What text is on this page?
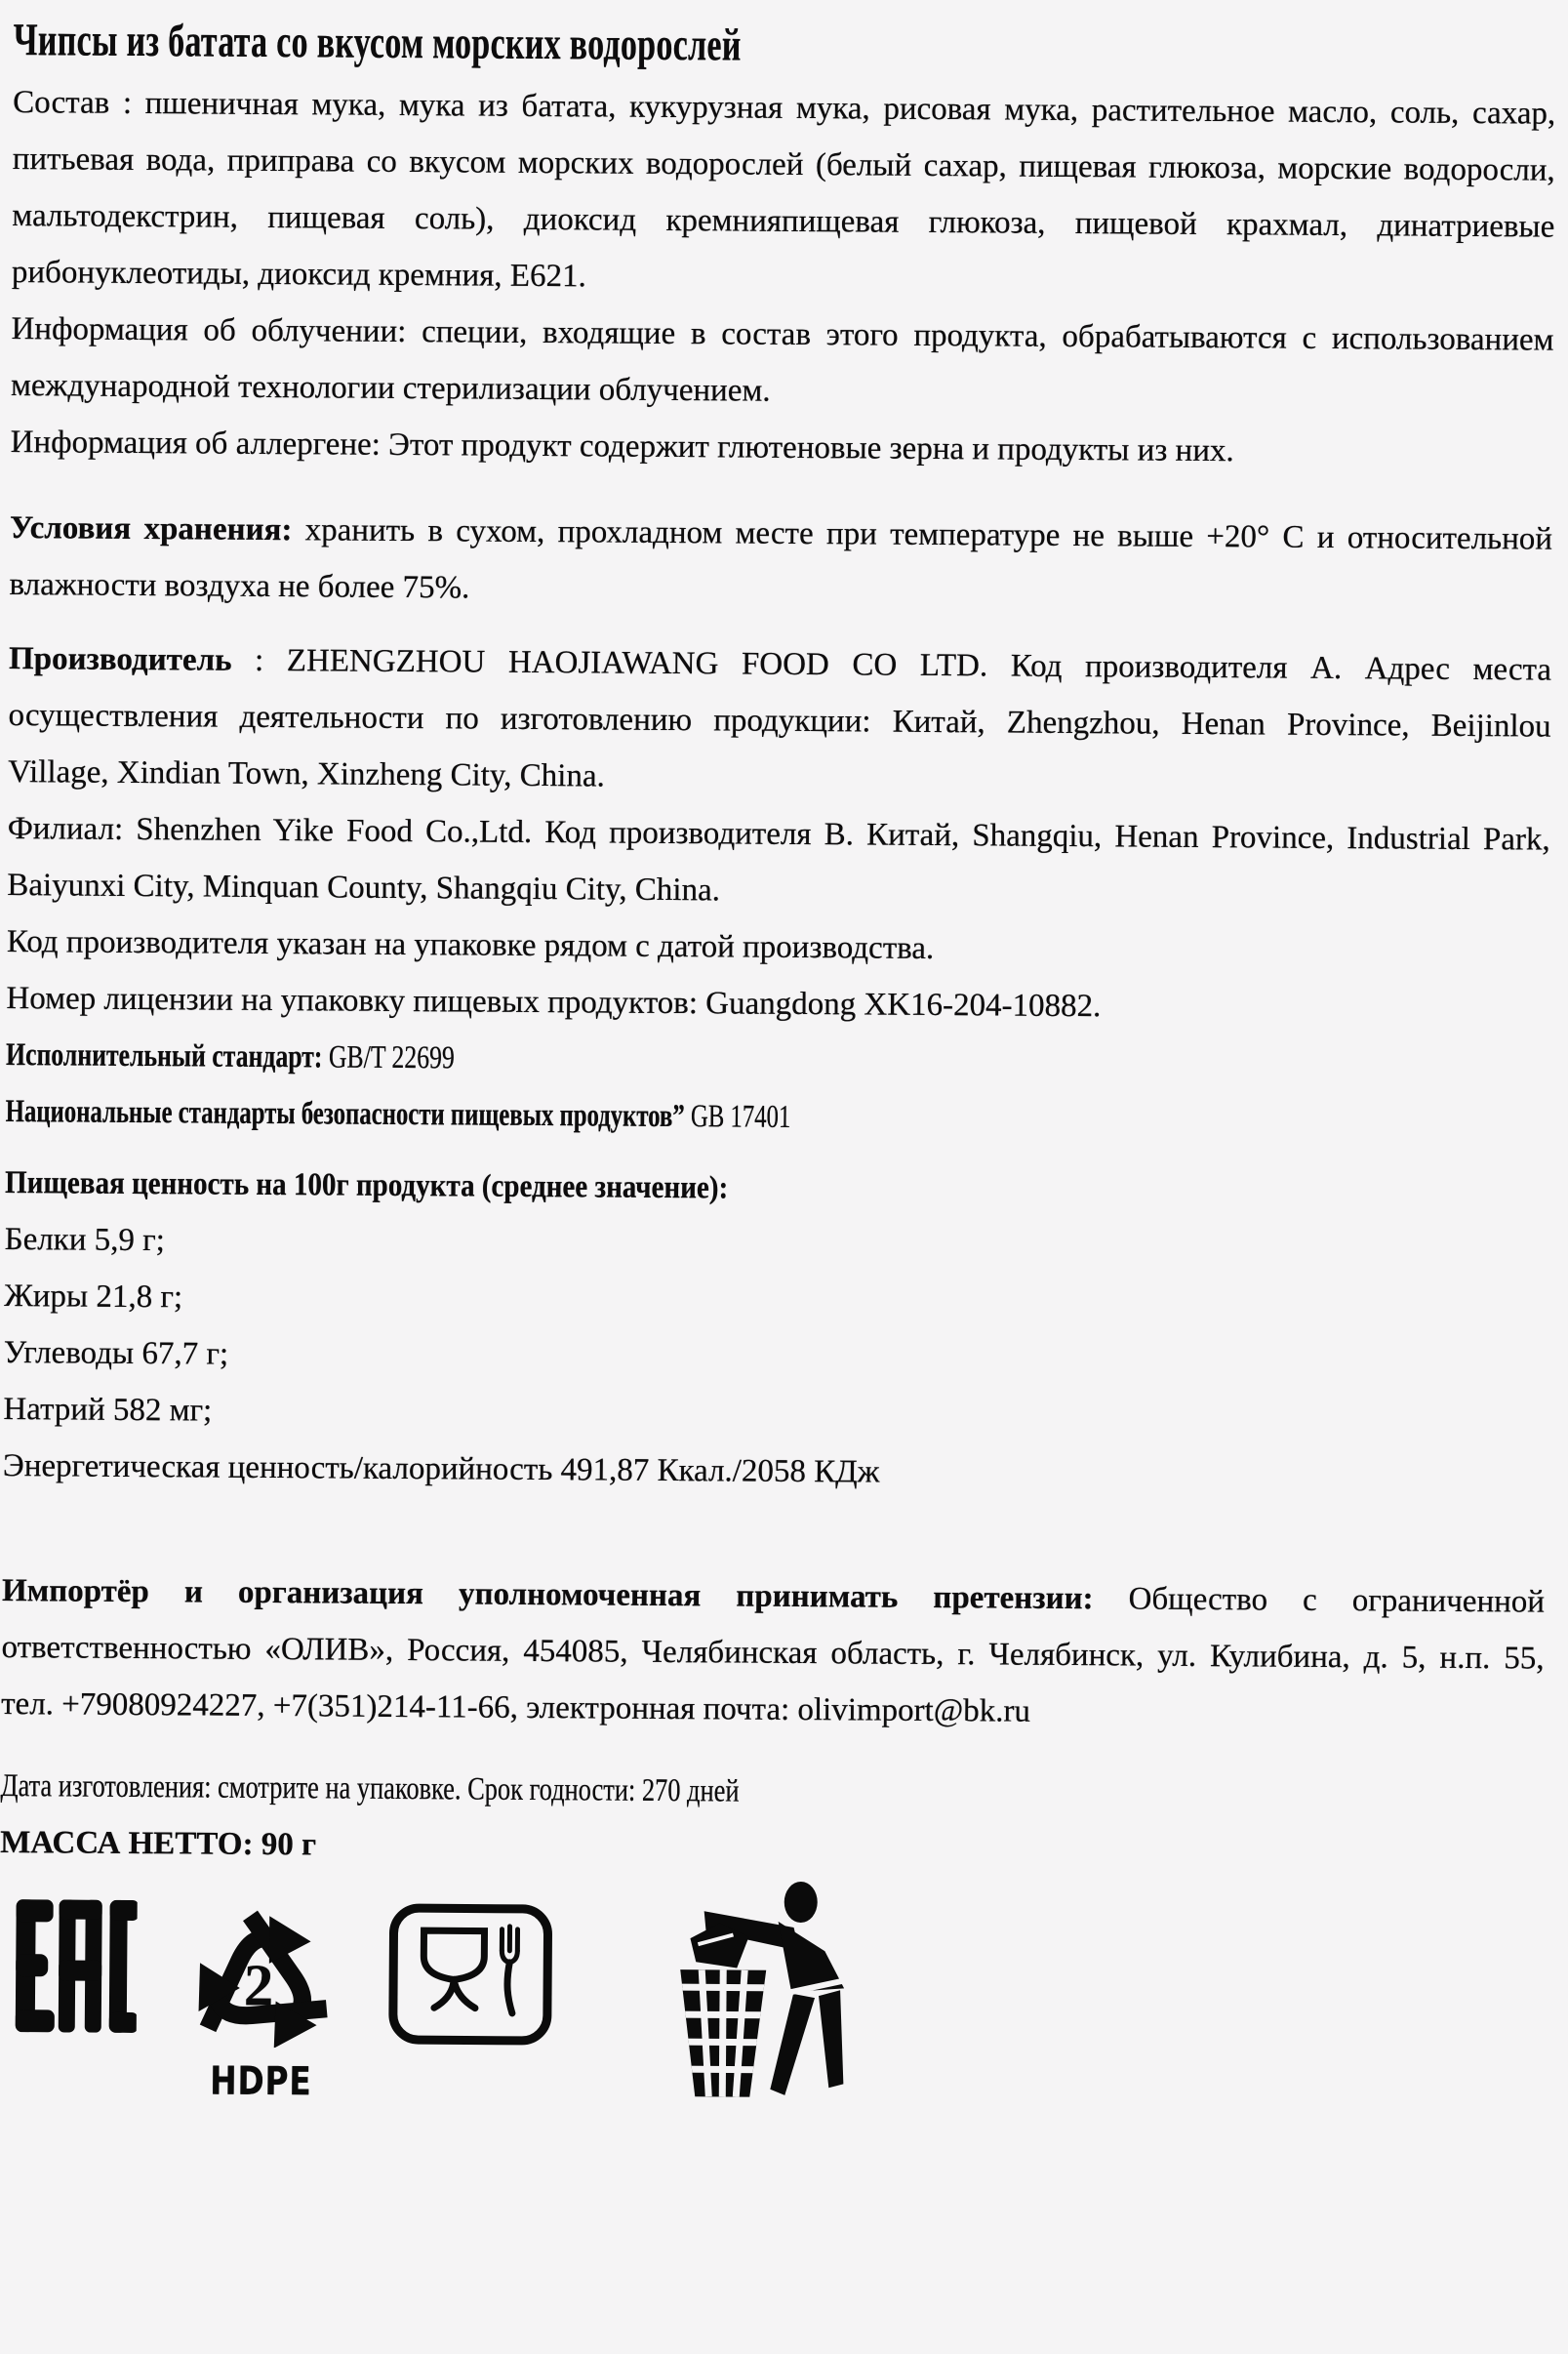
Чипсы из батата со вкусом морских водорослей
Состав : пшеничная мука, мука из батата, кукурузная мука, рисовая мука, растительное масло, соль, сахар,
питьевая вода, приправа со вкусом морских водорослей (белый сахар, пищевая глюкоза, морские водоросли,
мальтодекстрин, пищевая соль), диоксид кремнияпищевая глюкоза, пищевой крахмал, динатриевые
рибонуклеотиды, диоксид кремния, Е621.
Информация об облучении: специи, входящие в состав этого продукта, обрабатываются с использованием
международной технологии стерилизации облучением.
Информация об аллергене: Этот продукт содержит глютеновые зерна и продукты из них.
Условия хранения: хранить в сухом, прохладном месте при температуре не выше +20° С и относительной
влажности воздуха не более 75%.
Производитель : ZHENGZHOU HAOJIAWANG FOOD CO LTD. Код производителя А. Адрес места
осуществления деятельности по изготовлению продукции: Китай, Zhengzhou, Henan Province, Beijinlou
Village, Xindian Town, Xinzheng City, China.
Филиал: Shenzhen Yike Food Co.,Ltd. Код производителя В. Китай, Shangqiu, Henan Province, Industrial Park,
Baiyunxi City, Minquan County, Shangqiu City, China.
Код производителя указан на упаковке рядом с датой производства.
Номер лицензии на упаковку пищевых продуктов: Guangdong XK16-204-10882.
Исполнительный стандарт: GB/T 22699
Национальные стандарты безопасности пищевых продуктов” GB 17401
Пищевая ценность на 100г продукта (среднее значение):
Белки 5,9 г;
Жиры 21,8 г;
Углеводы 67,7 г;
Натрий 582 мг;
Энергетическая ценность/калорийность 491,87 Ккал./2058 КДж
Импортёр и организация уполномоченная принимать претензии: Общество с ограниченной
ответственностью «ОЛИВ», Россия, 454085, Челябинская область, г. Челябинск, ул. Кулибина, д. 5, н.п. 55,
тел. +79080924227, +7(351)214-11-66, электронная почта: olivimport@bk.ru
Дата изготовления: смотрите на упаковке. Срок годности: 270 дней
МАССА НЕТТО: 90 г
2
HDPE
